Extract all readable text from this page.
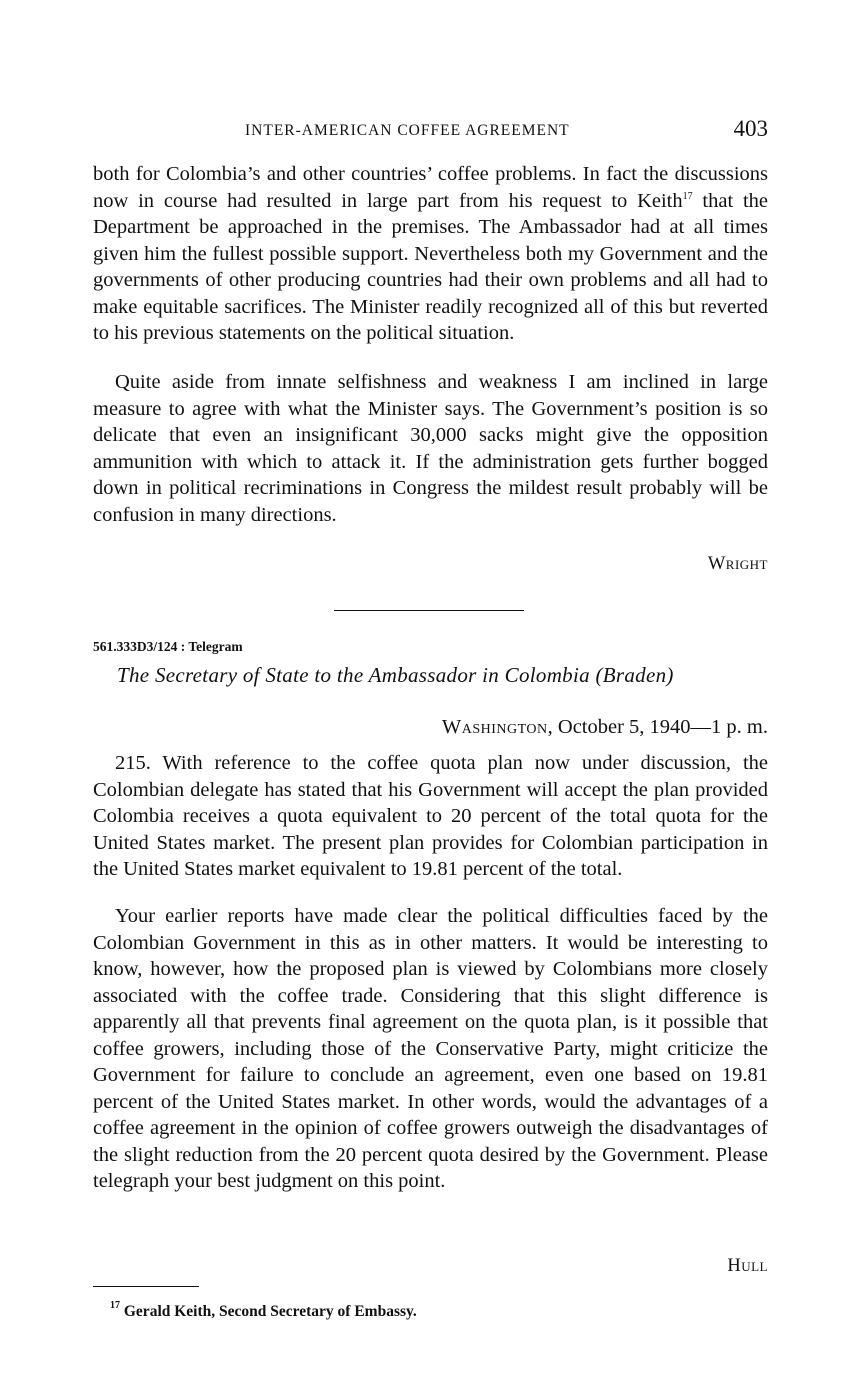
INTER-AMERICAN COFFEE AGREEMENT	403

both for Colombia’s and other countries’ coffee problems. In fact the discussions now in course had resulted in large part from his request to Keith$^{17}$ that the Department be approached in the premises. The Ambassador had at all times given him the fullest possible support. Nevertheless both my Government and the governments of other producing countries had their own problems and all had to make equitable sacrifices. The Minister readily recognized all of this but reverted to his previous statements on the political situation.

Quite aside from innate selfishness and weakness I am inclined in large measure to agree with what the Minister says. The Government’s position is so delicate that even an insignificant 30,000 sacks might give the opposition ammunition with which to attack it. If the administration gets further bogged down in political recriminations in Congress the mildest result probably will be confusion in many directions.

Wright
561.333D3/124 : Telegram
The Secretary of State to the Ambassador in Colombia (Braden)
Washington, October 5, 1940—1 p. m.

215. With reference to the coffee quota plan now under discussion, the Colombian delegate has stated that his Government will accept the plan provided Colombia receives a quota equivalent to 20 percent of the total quota for the United States market. The present plan provides for Colombian participation in the United States market equivalent to 19.81 percent of the total.

Your earlier reports have made clear the political difficulties faced by the Colombian Government in this as in other matters. It would be interesting to know, however, how the proposed plan is viewed by Colombians more closely associated with the coffee trade. Considering that this slight difference is apparently all that prevents final agreement on the quota plan, is it possible that coffee growers, including those of the Conservative Party, might criticize the Government for failure to conclude an agreement, even one based on 19.81 percent of the United States market. In other words, would the advantages of a coffee agreement in the opinion of coffee growers outweigh the disadvantages of the slight reduction from the 20 percent quota desired by the Government. Please telegraph your best judgment on this point.

Hull
$^{17}$ Gerald Keith, Second Secretary of Embassy.
